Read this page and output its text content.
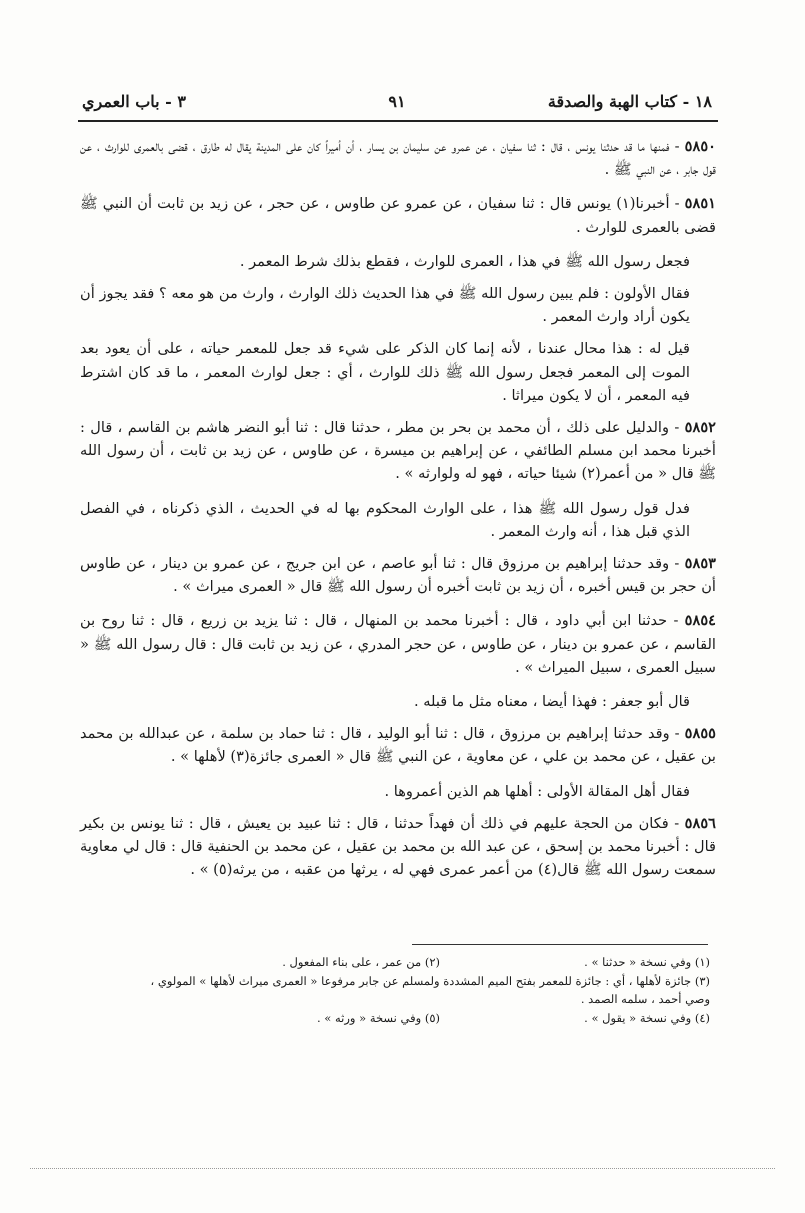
١٨ - كتاب الهبة والصدقة
٩١
٣ - باب العمري

٥٨٥٠ - فمنها ما قد حدثنا يونس ، قال : ثنا سفيان ، عن عمرو عن سليمان بن يسار ، أن أميراً كان على المدينة يقال له طارق ، قضى بالعمرى للوارث ، عن قول جابر ، عن النبي ﷺ .

٥٨٥١ - أخبرنا(١) يونس قال : ثنا سفيان ، عن عمرو عن طاوس ، عن حجر ، عن زيد بن ثابت أن النبي ﷺ قضى بالعمرى للوارث .

فجعل رسول الله ﷺ في هذا ، العمرى للوارث ، فقطع بذلك شرط المعمر .

فقال الأولون : فلم يبين رسول الله ﷺ في هذا الحديث ذلك الوارث ، وارث من هو معه ؟ فقد يجوز أن يكون أراد وارث المعمر .

قيل له : هذا محال عندنا ، لأنه إنما كان الذكر على شيء قد جعل للمعمر حياته ، على أن يعود بعد الموت إلى المعمر فجعل رسول الله ﷺ ذلك للوارث ، أي : جعل لوارث المعمر ، ما قد كان اشترط فيه المعمر ، أن لا يكون ميراثا .

٥٨٥٢ - والدليل على ذلك ، أن محمد بن بحر بن مطر ، حدثنا قال : ثنا أبو النضر هاشم بن القاسم ، قال : أخبرنا محمد ابن مسلم الطائفي ، عن إبراهيم بن ميسرة ، عن طاوس ، عن زيد بن ثابت ، أن رسول الله ﷺ قال « من أعمر(٢) شيئا حياته ، فهو له ولوارثه » .

فدل قول رسول الله ﷺ هذا ، على الوارث المحكوم بها له في الحديث ، الذي ذكرناه ، في الفصل الذي قبل هذا ، أنه وارث المعمر .

٥٨٥٣ - وقد حدثنا إبراهيم بن مرزوق قال : ثنا أبو عاصم ، عن ابن جريج ، عن عمرو بن دينار ، عن طاوس أن حجر بن قيس أخبره ، أن زيد بن ثابت أخبره أن رسول الله ﷺ قال « العمرى ميراث » .

٥٨٥٤ - حدثنا ابن أبي داود ، قال : أخبرنا محمد بن المنهال ، قال : ثنا يزيد بن زريع ، قال : ثنا روح بن القاسم ، عن عمرو بن دينار ، عن طاوس ، عن حجر المدري ، عن زيد بن ثابت قال : قال رسول الله ﷺ « سبيل العمرى ، سبيل الميراث » .

قال أبو جعفر : فهذا أيضا ، معناه مثل ما قبله .

٥٨٥٥ - وقد حدثنا إبراهيم بن مرزوق ، قال : ثنا أبو الوليد ، قال : ثنا حماد بن سلمة ، عن عبدالله بن محمد بن عقيل ، عن محمد بن علي ، عن معاوية ، عن النبي ﷺ قال « العمرى جائزة(٣) لأهلها » .

فقال أهل المقالة الأولى : أهلها هم الذين أعمروها .

٥٨٥٦ - فكان من الحجة عليهم في ذلك أن فهداً حدثنا ، قال : ثنا عبيد بن يعيش ، قال : ثنا يونس بن بكير قال : أخبرنا محمد بن إسحق ، عن عبد الله بن محمد بن عقيل ، عن محمد بن الحنفية قال : قال لي معاوية سمعت رسول الله ﷺ قال(٤) من أعمر عمرى فهي له ، يرثها من عقبه ، من يرثه(٥) » .

(١) وفي نسخة « حدثنا » .(٢) من عمر ، على بناء المفعول .

(٣) جائزة لأهلها ، أي : جائزة للمعمر بفتح الميم المشددة ولمسلم عن جابر مرفوعا « العمرى ميراث لأهلها » المولوي ، وصي أحمد ، سلمه الصمد .

(٤) وفي نسخة « يقول » .(٥) وفي نسخة « ورثه » .
